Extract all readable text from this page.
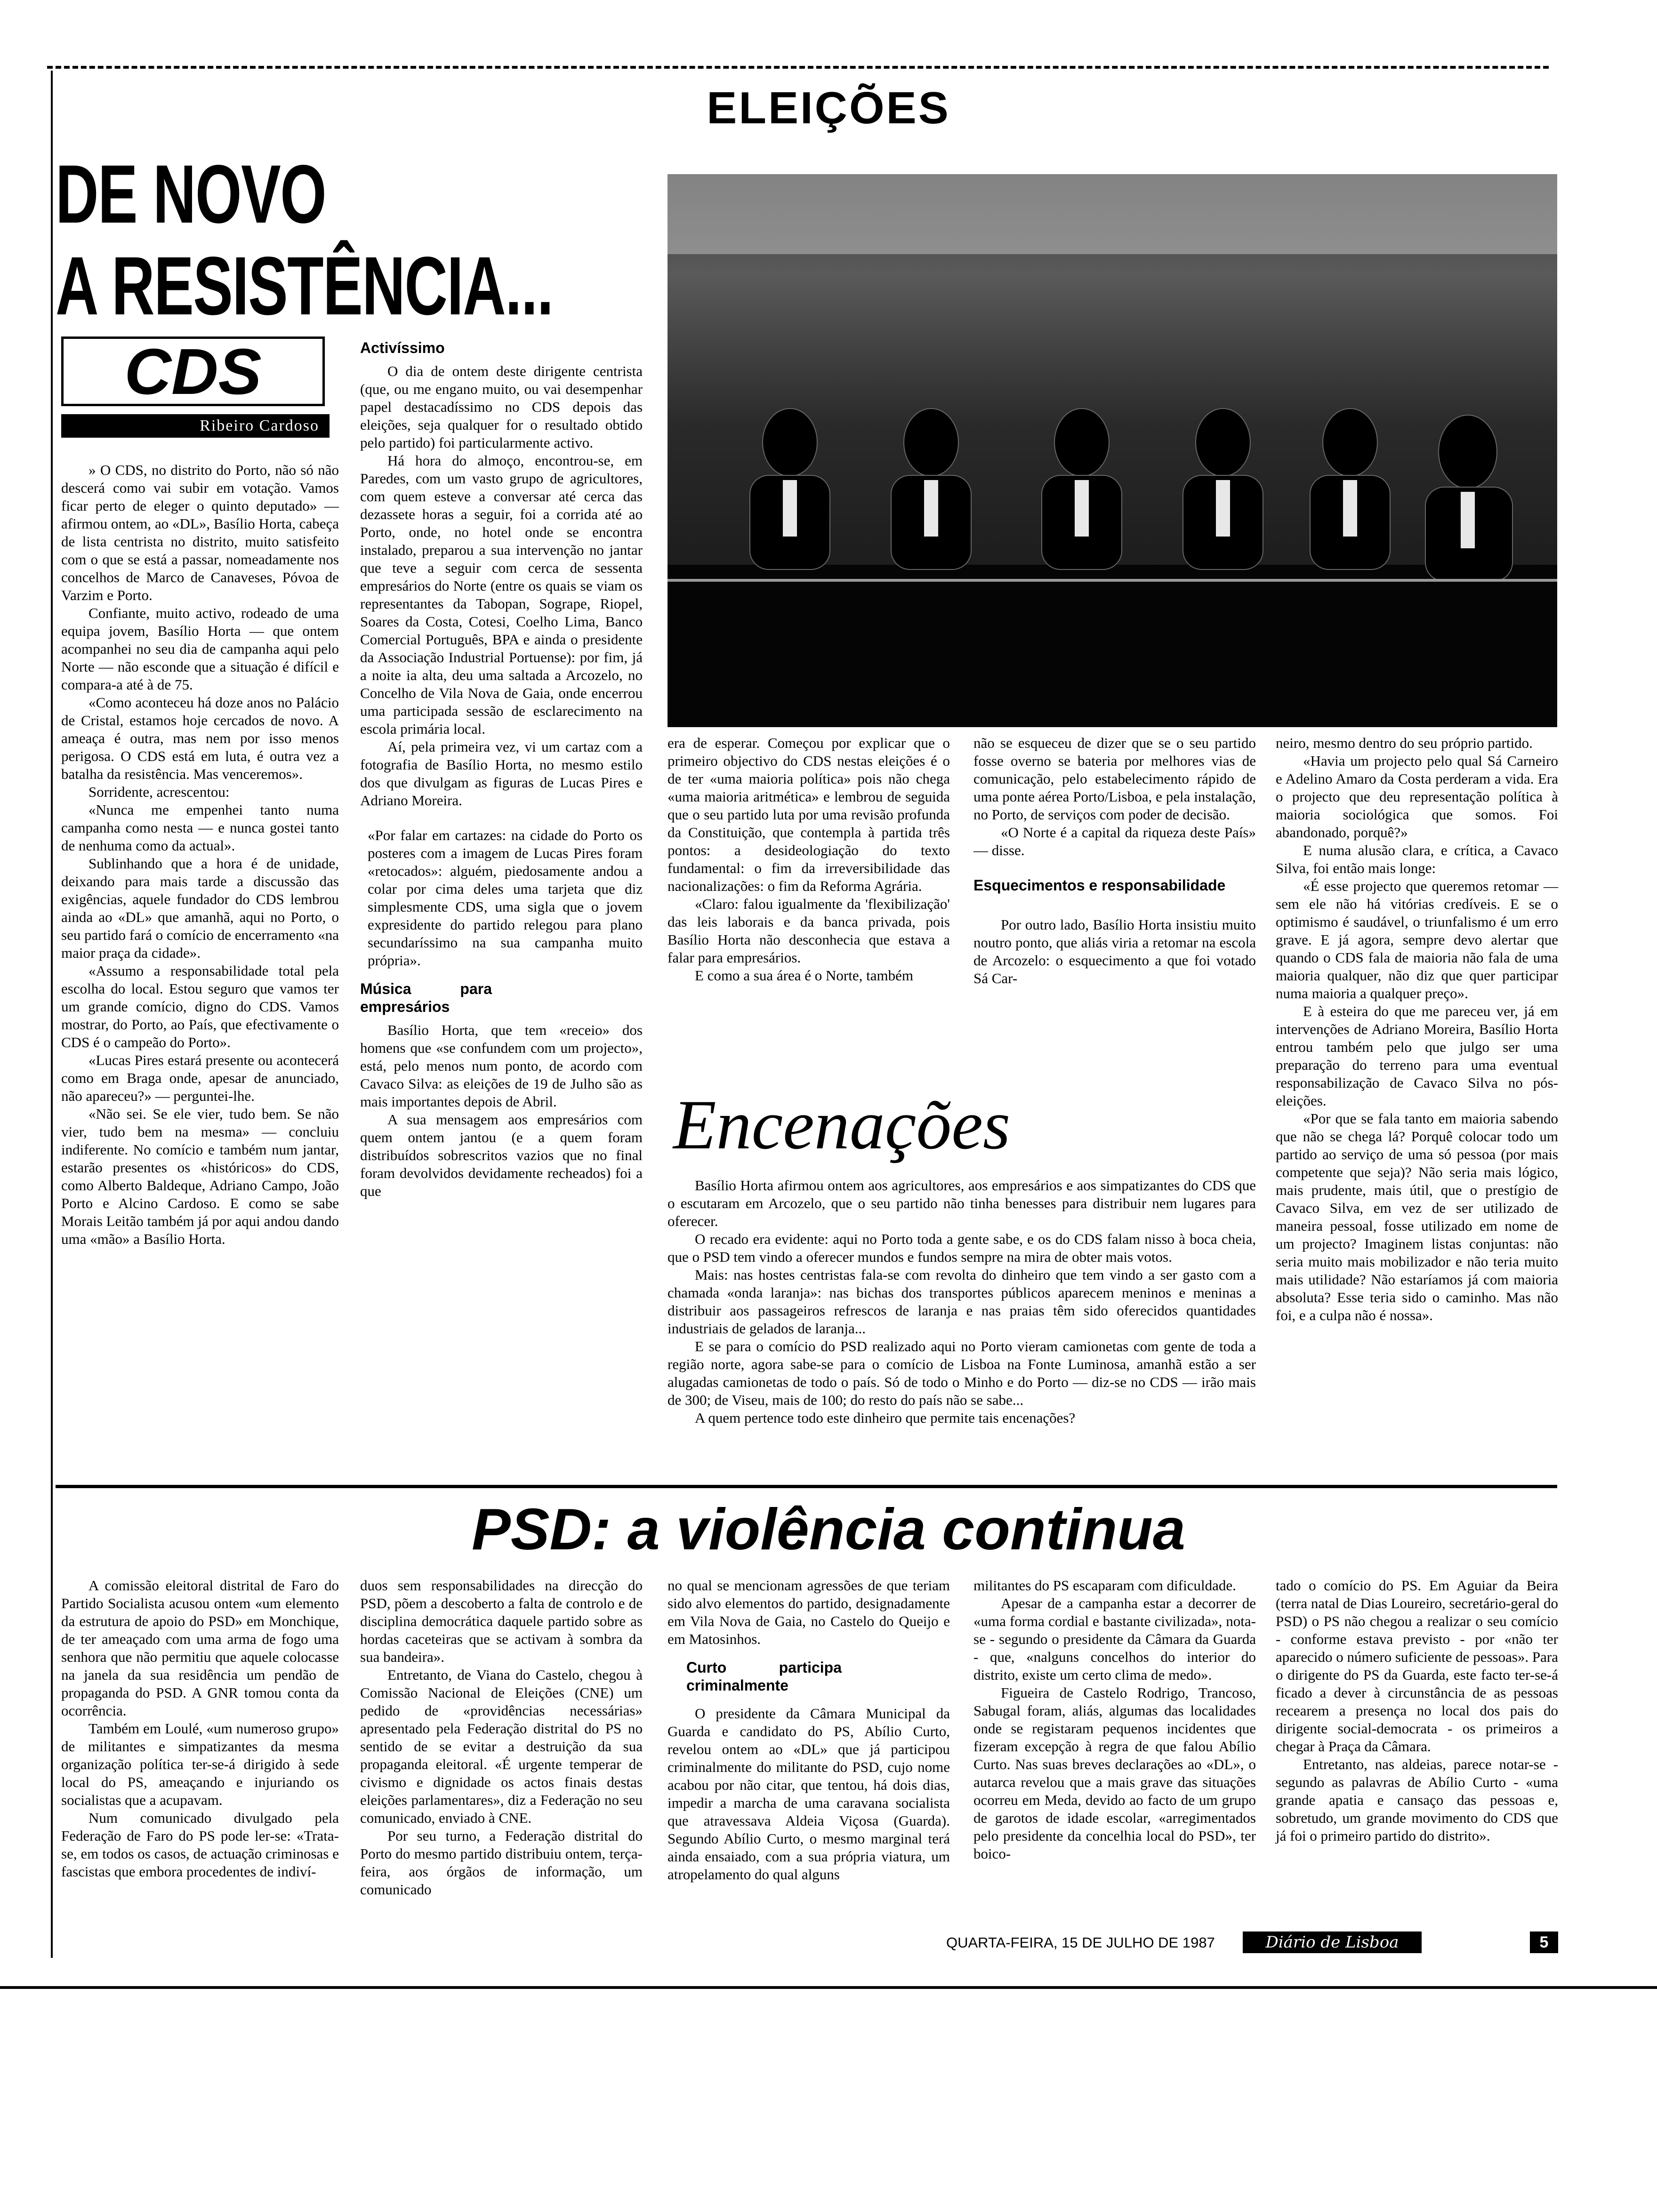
ELEIÇÕES
DE NOVO
A RESISTÊNCIA...
CDS
Ribeiro Cardoso

» O CDS, no distrito do Porto, não só não descerá como vai subir em votação. Vamos ficar perto de eleger o quinto deputado» — afirmou ontem, ao «DL», Basílio Horta, cabeça de lista centrista no distrito, muito satisfeito com o que se está a passar, nomeadamente nos concelhos de Marco de Canaveses, Póvoa de Varzim e Porto.

Confiante, muito activo, rodeado de uma equipa jovem, Basílio Horta — que ontem acompanhei no seu dia de campanha aqui pelo Norte — não esconde que a situação é difícil e compara-a até à de 75.

«Como aconteceu há doze anos no Palácio de Cristal, estamos hoje cercados de novo. A ameaça é outra, mas nem por isso menos perigosa. O CDS está em luta, é outra vez a batalha da resistência. Mas venceremos».

Sorridente, acrescentou:

«Nunca me empenhei tanto numa campanha como nesta — e nunca gostei tanto de nenhuma como da actual».

Sublinhando que a hora é de unidade, deixando para mais tarde a discussão das exigências, aquele fundador do CDS lembrou ainda ao «DL» que amanhã, aqui no Porto, o seu partido fará o comício de encerramento «na maior praça da cidade».

«Assumo a responsabilidade total pela escolha do local. Estou seguro que vamos ter um grande comício, digno do CDS. Vamos mostrar, do Porto, ao País, que efectivamente o CDS é o campeão do Porto».

«Lucas Pires estará presente ou acontecerá como em Braga onde, apesar de anunciado, não apareceu?» — perguntei-lhe.

«Não sei. Se ele vier, tudo bem. Se não vier, tudo bem na mesma» — concluiu indiferente. No comício e também num jantar, estarão presentes os «históricos» do CDS, como Alberto Baldeque, Adriano Campo, João Porto e Alcino Cardoso. E como se sabe Morais Leitão também já por aqui andou dando uma «mão» a Basílio Horta.

Activíssimo

O dia de ontem deste dirigente centrista (que, ou me engano muito, ou vai desempenhar papel destacadíssimo no CDS depois das eleições, seja qualquer for o resultado obtido pelo partido) foi particularmente activo.

Há hora do almoço, encontrou-se, em Paredes, com um vasto grupo de agricultores, com quem esteve a conversar até cerca das dezassete horas a seguir, foi a corrida até ao Porto, onde, no hotel onde se encontra instalado, preparou a sua intervenção no jantar que teve a seguir com cerca de sessenta empresários do Norte (entre os quais se viam os representantes da Tabopan, Sogrape, Riopel, Soares da Costa, Cotesi, Coelho Lima, Banco Comercial Português, BPA e ainda o presidente da Associação Industrial Portuense): por fim, já a noite ia alta, deu uma saltada a Arcozelo, no Concelho de Vila Nova de Gaia, onde encerrou uma participada sessão de esclarecimento na escola primária local.

Aí, pela primeira vez, vi um cartaz com a fotografia de Basílio Horta, no mesmo estilo dos que divulgam as figuras de Lucas Pires e Adriano Moreira.

«Por falar em cartazes: na cidade do Porto os posteres com a imagem de Lucas Pires foram «retocados»: alguém, piedosamente andou a colar por cima deles uma tarjeta que diz simplesmente CDS, uma sigla que o jovem expresidente do partido relegou para plano secundaríssimo na sua campanha muito própria».

Música para empresários

Basílio Horta, que tem «receio» dos homens que «se confundem com um projecto», está, pelo menos num ponto, de acordo com Cavaco Silva: as eleições de 19 de Julho são as mais importantes depois de Abril.

A sua mensagem aos empresários com quem ontem jantou (e a quem foram distribuídos sobrescritos vazios que no final foram devolvidos devidamente recheados) foi a que

era de esperar. Começou por explicar que o primeiro objectivo do CDS nestas eleições é o de ter «uma maioria política» pois não chega «uma maioria aritmética» e lembrou de seguida que o seu partido luta por uma revisão profunda da Constituição, que contempla à partida três pontos: a desideologiação do texto fundamental: o fim da irreversibilidade das nacionalizações: o fim da Reforma Agrária.

«Claro: falou igualmente da 'flexibilização' das leis laborais e da banca privada, pois Basílio Horta não desconhecia que estava a falar para empresários.

E como a sua área é o Norte, também

não se esqueceu de dizer que se o seu partido fosse overno se bateria por melhores vias de comunicação, pelo estabelecimento rápido de uma ponte aérea Porto/Lisboa, e pela instalação, no Porto, de serviços com poder de decisão.

«O Norte é a capital da riqueza deste País» — disse.

Esquecimentos e responsabilidade

Por outro lado, Basílio Horta insistiu muito noutro ponto, que aliás viria a retomar na escola de Arcozelo: o esquecimento a que foi votado Sá Car-

neiro, mesmo dentro do seu próprio partido.

«Havia um projecto pelo qual Sá Carneiro e Adelino Amaro da Costa perderam a vida. Era o projecto que deu representação política à maioria sociológica que somos. Foi abandonado, porquê?»

E numa alusão clara, e crítica, a Cavaco Silva, foi então mais longe:

«É esse projecto que queremos retomar — sem ele não há vitórias credíveis. E se o optimismo é saudável, o triunfalismo é um erro grave. E já agora, sempre devo alertar que quando o CDS fala de maioria não fala de uma maioria qualquer, não diz que quer participar numa maioria a qualquer preço».

E à esteira do que me pareceu ver, já em intervenções de Adriano Moreira, Basílio Horta entrou também pelo que julgo ser uma preparação do terreno para uma eventual responsabilização de Cavaco Silva no pós-eleições.

«Por que se fala tanto em maioria sabendo que não se chega lá? Porquê colocar todo um partido ao serviço de uma só pessoa (por mais competente que seja)? Não seria mais lógico, mais prudente, mais útil, que o prestígio de Cavaco Silva, em vez de ser utilizado de maneira pessoal, fosse utilizado em nome de um projecto? Imaginem listas conjuntas: não seria muito mais mobilizador e não teria muito mais utilidade? Não estaríamos já com maioria absoluta? Esse teria sido o caminho. Mas não foi, e a culpa não é nossa».

Encenações

Basílio Horta afirmou ontem aos agricultores, aos empresários e aos simpatizantes do CDS que o escutaram em Arcozelo, que o seu partido não tinha benesses para distribuir nem lugares para oferecer.

O recado era evidente: aqui no Porto toda a gente sabe, e os do CDS falam nisso à boca cheia, que o PSD tem vindo a oferecer mundos e fundos sempre na mira de obter mais votos.

Mais: nas hostes centristas fala-se com revolta do dinheiro que tem vindo a ser gasto com a chamada «onda laranja»: nas bichas dos transportes públicos aparecem meninos e meninas a distribuir aos passageiros refrescos de laranja e nas praias têm sido oferecidos quantidades industriais de gelados de laranja...

E se para o comício do PSD realizado aqui no Porto vieram camionetas com gente de toda a região norte, agora sabe-se para o comício de Lisboa na Fonte Luminosa, amanhã estão a ser alugadas camionetas de todo o país. Só de todo o Minho e do Porto — diz-se no CDS — irão mais de 300; de Viseu, mais de 100; do resto do país não se sabe...

A quem pertence todo este dinheiro que permite tais encenações?

PSD: a violência continua

A comissão eleitoral distrital de Faro do Partido Socialista acusou ontem «um elemento da estrutura de apoio do PSD» em Monchique, de ter ameaçado com uma arma de fogo uma senhora que não permitiu que aquele colocasse na janela da sua residência um pendão de propaganda do PSD. A GNR tomou conta da ocorrência.

Também em Loulé, «um numeroso grupo» de militantes e simpatizantes da mesma organização política ter-se-á dirigido à sede local do PS, ameaçando e injuriando os socialistas que a acupavam.

Num comunicado divulgado pela Federação de Faro do PS pode ler-se: «Trata-se, em todos os casos, de actuação criminosas e fascistas que embora procedentes de indiví-

duos sem responsabilidades na direcção do PSD, põem a descoberto a falta de controlo e de disciplina democrática daquele partido sobre as hordas caceteiras que se activam à sombra da sua bandeira».

Entretanto, de Viana do Castelo, chegou à Comissão Nacional de Eleições (CNE) um pedido de «providências necessárias» apresentado pela Federação distrital do PS no sentido de se evitar a destruição da sua propaganda eleitoral. «É urgente temperar de civismo e dignidade os actos finais destas eleições parlamentares», diz a Federação no seu comunicado, enviado à CNE.

Por seu turno, a Federação distrital do Porto do mesmo partido distribuiu ontem, terça-feira, aos órgãos de informação, um comunicado

no qual se mencionam agressões de que teriam sido alvo elementos do partido, designadamente em Vila Nova de Gaia, no Castelo do Queijo e em Matosinhos.

Curto participa criminalmente

O presidente da Câmara Municipal da Guarda e candidato do PS, Abílio Curto, revelou ontem ao «DL» que já participou criminalmente do militante do PSD, cujo nome acabou por não citar, que tentou, há dois dias, impedir a marcha de uma caravana socialista que atravessava Aldeia Viçosa (Guarda). Segundo Abílio Curto, o mesmo marginal terá ainda ensaiado, com a sua própria viatura, um atropelamento do qual alguns

militantes do PS escaparam com dificuldade.

Apesar de a campanha estar a decorrer de «uma forma cordial e bastante civilizada», nota-se - segundo o presidente da Câmara da Guarda - que, «nalguns concelhos do interior do distrito, existe um certo clima de medo».

Figueira de Castelo Rodrigo, Trancoso, Sabugal foram, aliás, algumas das localidades onde se registaram pequenos incidentes que fizeram excepção à regra de que falou Abílio Curto. Nas suas breves declarações ao «DL», o autarca revelou que a mais grave das situações ocorreu em Meda, devido ao facto de um grupo de garotos de idade escolar, «arregimentados pelo presidente da concelhia local do PSD», ter boico-

tado o comício do PS. Em Aguiar da Beira (terra natal de Dias Loureiro, secretário-geral do PSD) o PS não chegou a realizar o seu comício - conforme estava previsto - por «não ter aparecido o número suficiente de pessoas». Para o dirigente do PS da Guarda, este facto ter-se-á ficado a dever à circunstância de as pessoas recearem a presença no local dos pais do dirigente social-democrata - os primeiros a chegar à Praça da Câmara.

Entretanto, nas aldeias, parece notar-se - segundo as palavras de Abílio Curto - «uma grande apatia e cansaço das pessoas e, sobretudo, um grande movimento do CDS que já foi o primeiro partido do distrito».

QUARTA-FEIRA, 15 DE JULHO DE 1987	Diário de Lisboa	5
